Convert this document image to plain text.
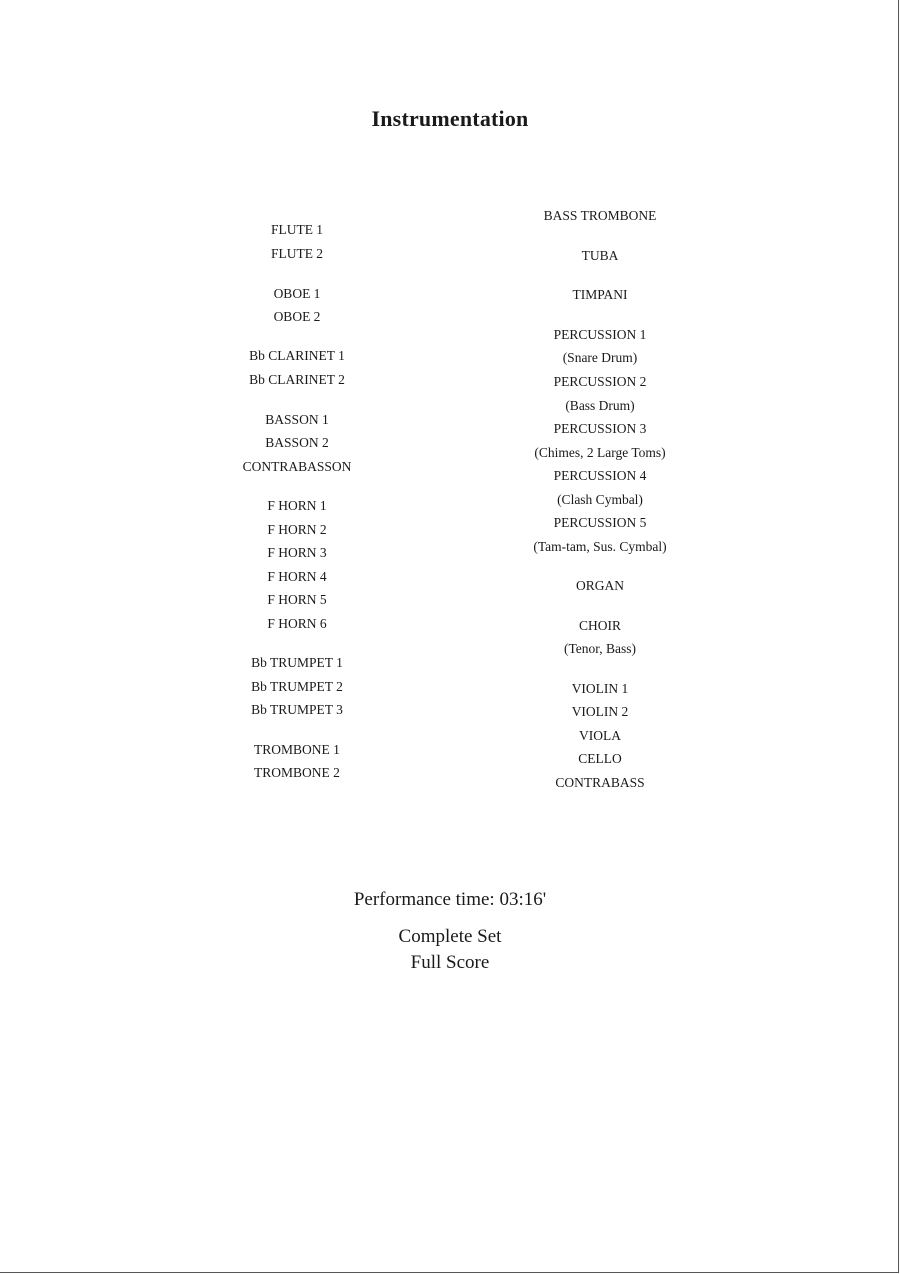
Instrumentation
FLUTE 1
FLUTE 2
OBOE 1
OBOE 2
Bb CLARINET 1
Bb CLARINET 2
BASSON 1
BASSON 2
CONTRABASSON
F HORN 1
F HORN 2
F HORN 3
F HORN 4
F HORN 5
F HORN 6
Bb TRUMPET 1
Bb TRUMPET 2
Bb TRUMPET 3
TROMBONE 1
TROMBONE 2
BASS TROMBONE
TUBA
TIMPANI
PERCUSSION 1
(Snare Drum)
PERCUSSION 2
(Bass Drum)
PERCUSSION 3
(Chimes, 2 Large Toms)
PERCUSSION 4
(Clash Cymbal)
PERCUSSION 5
(Tam-tam, Sus. Cymbal)
ORGAN
CHOIR
(Tenor, Bass)
VIOLIN 1
VIOLIN 2
VIOLA
CELLO
CONTRABASS
Performance time: 03:16'
Complete Set
Full Score
